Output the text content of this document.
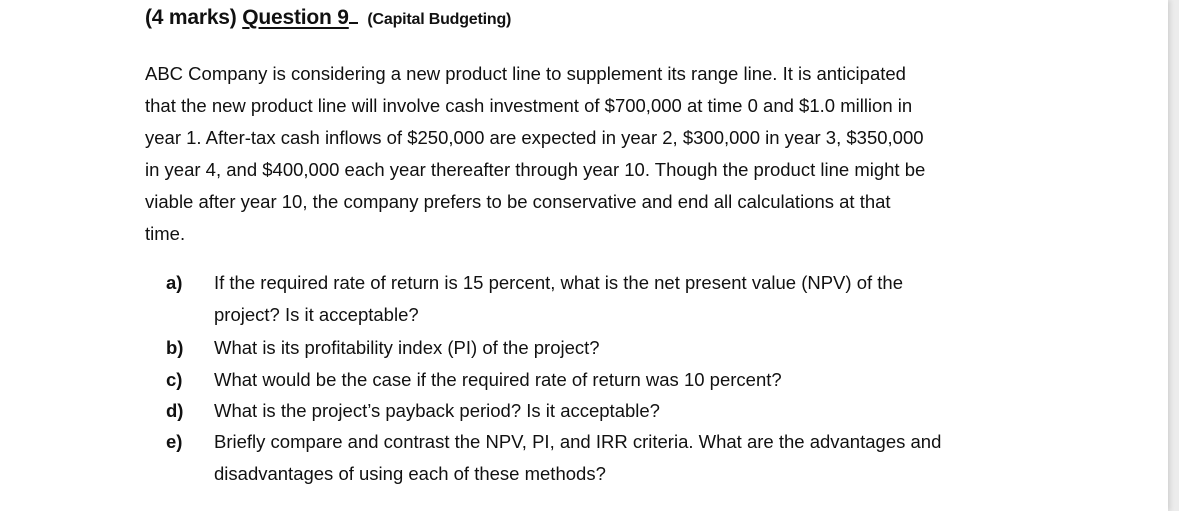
(4 marks) Question 9 (Capital Budgeting)
ABC Company is considering a new product line to supplement its range line. It is anticipated
that the new product line will involve cash investment of $700,000 at time 0 and $1.0 million in
year 1. After-tax cash inflows of $250,000 are expected in year 2, $300,000 in year 3, $350,000
in year 4, and $400,000 each year thereafter through year 10. Though the product line might be
viable after year 10, the company prefers to be conservative and end all calculations at that
time.
a) If the required rate of return is 15 percent, what is the net present value (NPV) of the
project? Is it acceptable?
b) What is its profitability index (PI) of the project?
c) What would be the case if the required rate of return was 10 percent?
d) What is the project’s payback period? Is it acceptable?
e) Briefly compare and contrast the NPV, PI, and IRR criteria. What are the advantages and
disadvantages of using each of these methods?
